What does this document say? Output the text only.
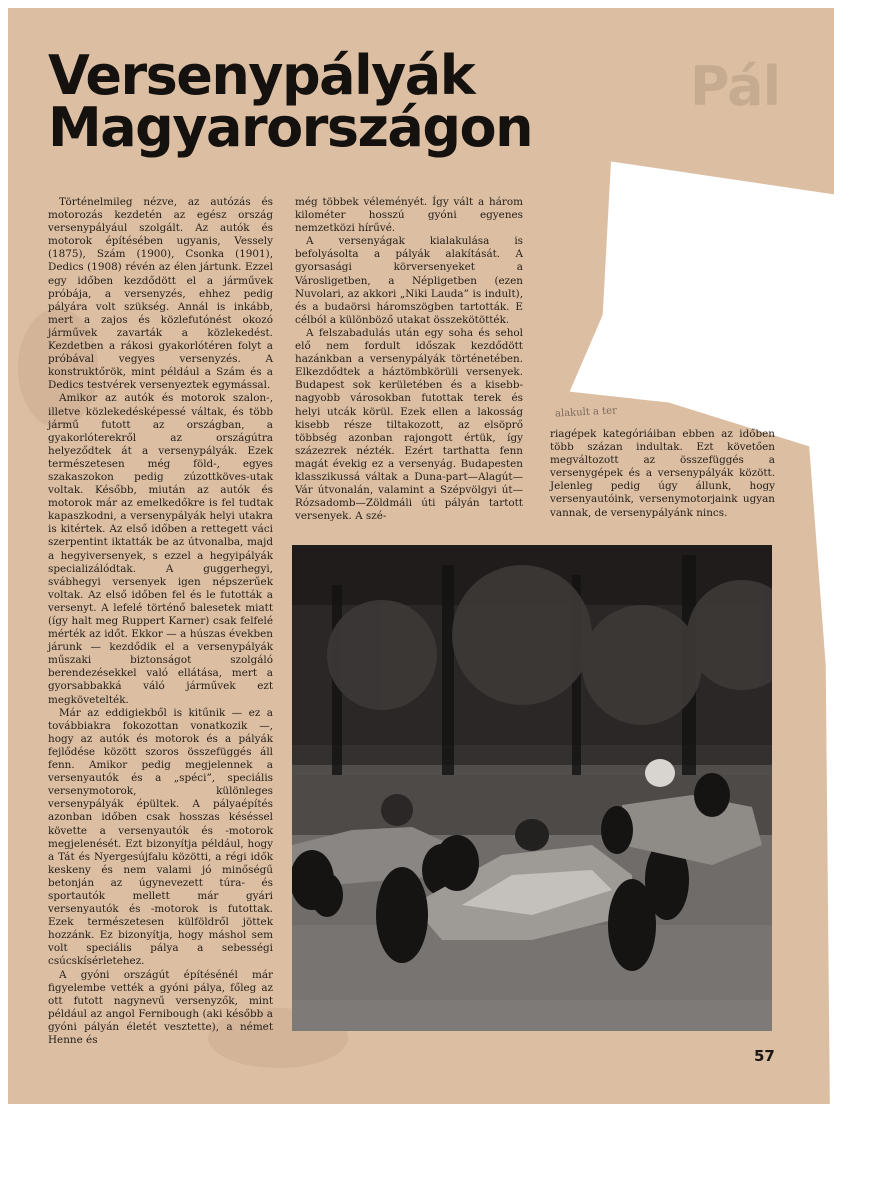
Pál
Versenypályák
Magyarországon

Történelmileg nézve, az autózás és motorozás kezdetén az egész ország versenypályául szolgált. Az autók és motorok építésében ugyanis, Vessely (1875), Szám (1900), Csonka (1901), Dedics (1908) révén az élen jártunk. Ezzel egy időben kezdődött el a járművek próbája, a versenyzés, ehhez pedig pályára volt szükség. Annál is inkább, mert a zajos és közlefutónést okozó járművek zavarták a közlekedést. Kezdetben a rákosi gyakorlótéren folyt a próbával vegyes versenyzés. A konstruktőrök, mint például a Szám és a Dedics testvérek versenyeztek egymással.

Amikor az autók és motorok szalon-, illetve közlekedésképessé váltak, és több jármű futott az országban, a gyakorlóterekről az országútra helyeződtek át a versenypályák. Ezek természetesen még föld-, egyes szakaszokon pedig zúzottköves-utak voltak. Később, miután az autók és motorok már az emelkedőkre is fel tudtak kapaszkodni, a versenypályák helyi utakra is kitértek. Az első időben a rettegett váci szerpentint iktatták be az útvonalba, majd a hegyiversenyek, s ezzel a hegyipályák specializálódtak. A guggerhegyi, svábhegyi versenyek igen népszerűek voltak. Az első időben fel és le futották a versenyt. A lefelé történő balesetek miatt (így halt meg Ruppert Karner) csak felfelé mérték az időt. Ekkor — a húszas években járunk — kezdődik el a versenypályák műszaki biztonságot szolgáló berendezésekkel való ellátása, mert a gyorsabbakká váló járművek ezt megkövetelték.

Már az eddigiekből is kitűnik — ez a továbbiakra fokozottan vonatkozik —, hogy az autók és motorok és a pályák fejlődése között szoros összefüggés áll fenn. Amikor pedig megjelennek a versenyautók és a „spéci”, speciális versenymotorok, különleges versenypályák épültek. A pályaépítés azonban időben csak hosszas késéssel követte a versenyautók és -motorok megjelenését. Ezt bizonyítja például, hogy a Tát és Nyergesújfalu közötti, a régi idők keskeny és nem valami jó minőségű betonján az úgynevezett túra- és sportautók mellett már gyári versenyautók és -motorok is futottak. Ezek természetesen külföldről jöttek hozzánk. Ez bizonyítja, hogy máshol sem volt speciális pálya a sebességi csúcskísérletehez.

A gyóni országút építésénél már figyelembe vették a gyóni pálya, főleg az ott futott nagynevű versenyzők, mint például az angol Fernibough (aki később a gyóni pályán életét vesztette), a német Henne és

még többek véleményét. Így vált a három kilométer hosszú gyóni egyenes nemzetközi hírűvé.

A versenyágak kialakulása is befolyásolta a pályák alakítását. A gyorsasági körversenyeket a Városligetben, a Népligetben (ezen Nuvolari, az akkori „Niki Lauda” is indult), és a budaörsi háromszögben tartották. E célból a különböző utakat összekötötték.

A felszabadulás után egy soha és sehol elő nem fordult időszak kezdődött hazánkban a versenypályák történetében. Elkezdődtek a háztömbkörüli versenyek. Budapest sok kerületében és a kisebb-nagyobb városokban futottak terek és helyi utcák körül. Ezek ellen a lakosság kisebb része tiltakozott, az elsöprő többség azonban rajongott értük, így százezrek nézték. Ezért tarthatta fenn magát évekig ez a versenyág. Budapesten klasszikussá váltak a Duna-part—Alagút—Vár útvonalán, valamint a Szépvölgyi út—Rózsadomb—Zöldmáli úti pályán tartott versenyek. A szé-

alakult a ter

riagépek kategóriáiban ebben az időben több százan indultak. Ezt követően megváltozott az összefüggés a versenygépek és a versenypályák között. Jelenleg pedig úgy állunk, hogy versenyautóink, versenymotorjaink ugyan vannak, de versenypályánk nincs.

57
